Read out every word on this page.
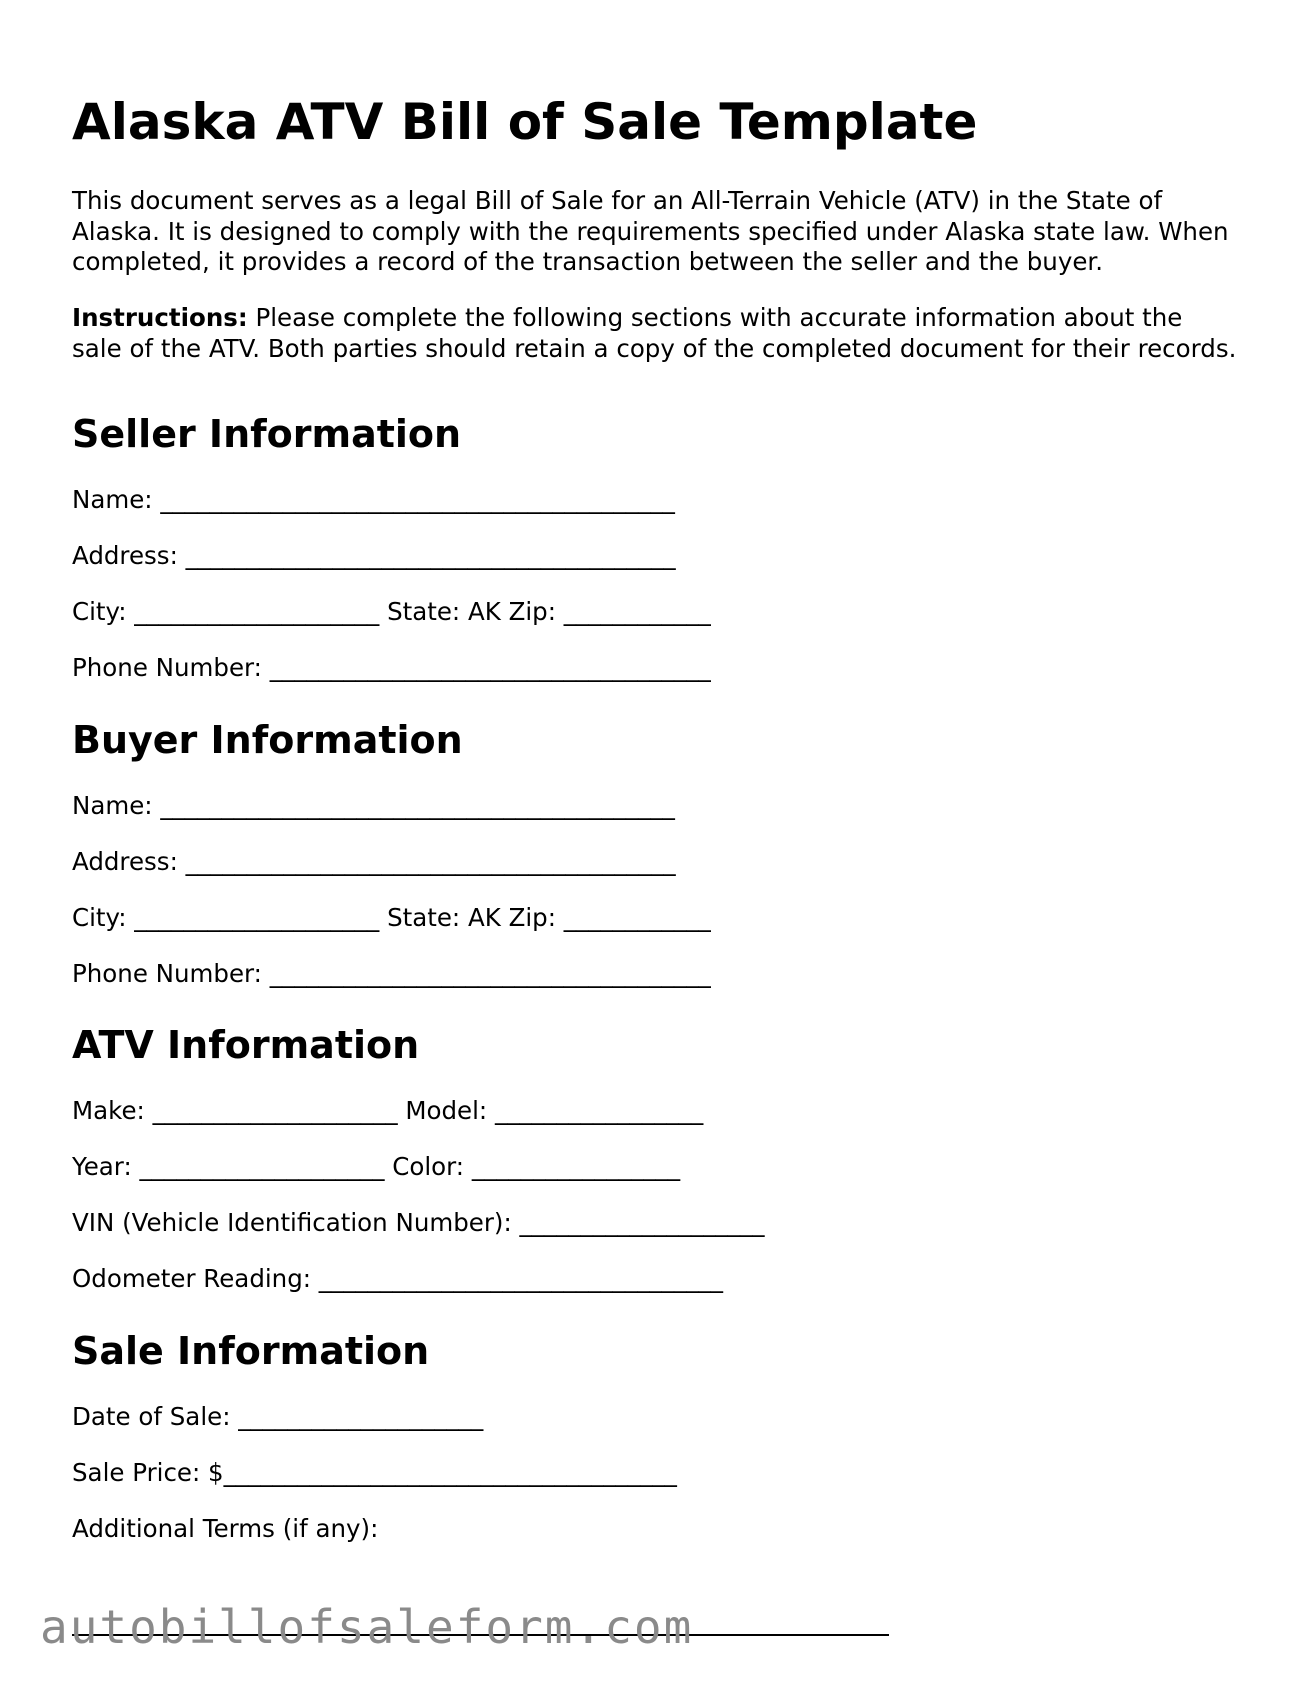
Alaska ATV Bill of Sale Template
This document serves as a legal Bill of Sale for an All-Terrain Vehicle (ATV) in the State of Alaska. It is designed to comply with the requirements specified under Alaska state law. When completed, it provides a record of the transaction between the seller and the buyer.
Instructions: Please complete the following sections with accurate information about the sale of the ATV. Both parties should retain a copy of the completed document for their records.
Seller Information
Name: __________________________________________
Address: ________________________________________
City: ____________________ State: AK Zip: ____________
Phone Number: ____________________________________
Buyer Information
Name: __________________________________________
Address: ________________________________________
City: ____________________ State: AK Zip: ____________
Phone Number: ____________________________________
ATV Information
Make: ____________________ Model: _________________
Year: ____________________ Color: _________________
VIN (Vehicle Identification Number): ____________________
Odometer Reading: _________________________________
Sale Information
Date of Sale: ____________________
Sale Price: $_____________________________________
Additional Terms (if any):
autobillofsaleform.com
